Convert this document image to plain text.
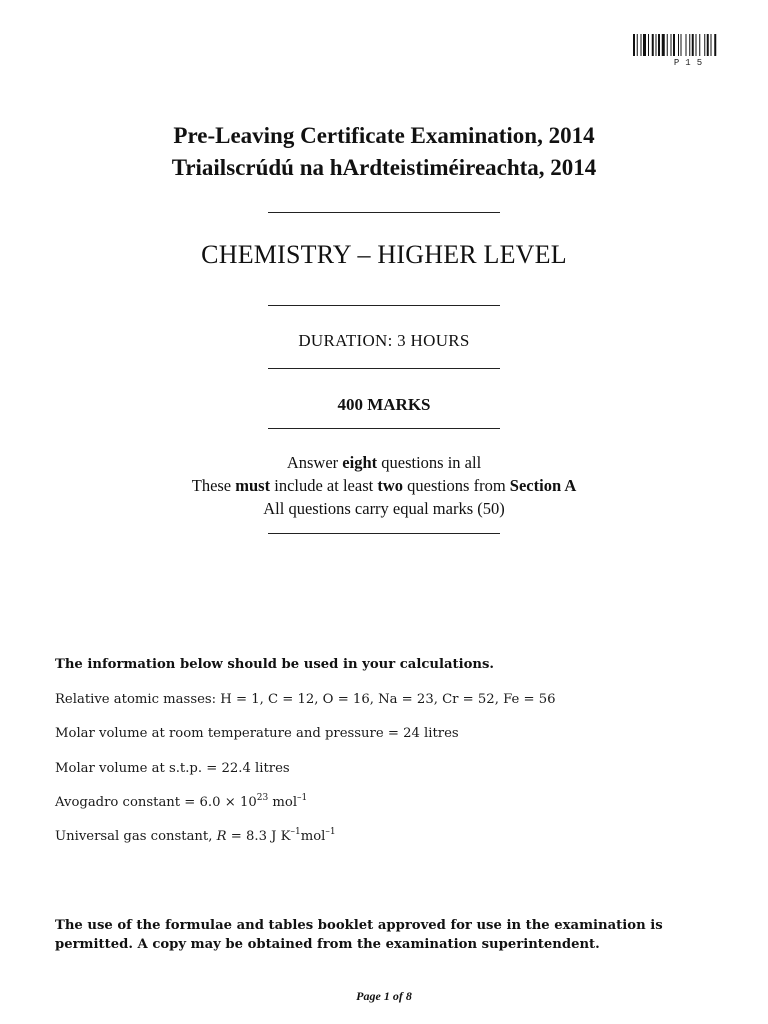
P15
Pre-Leaving Certificate Examination, 2014
Triailscrúdú na hArdteistiméireachta, 2014
CHEMISTRY – HIGHER LEVEL
DURATION: 3 HOURS
400 MARKS
Answer eight questions in all
These must include at least two questions from Section A
All questions carry equal marks (50)
The information below should be used in your calculations.
Relative atomic masses: H = 1, C = 12, O = 16, Na = 23, Cr = 52, Fe = 56
Molar volume at room temperature and pressure = 24 litres
Molar volume at s.t.p. = 22.4 litres
Avogadro constant = $6.0 \times 10^{23}$ mol$^{-1}$
Universal gas constant, R = 8.3 J $K^{-1}mol^{-1}$
The use of the formulae and tables booklet approved for use in the examination is permitted. A copy may be obtained from the examination superintendent.
Page 1 of 8
